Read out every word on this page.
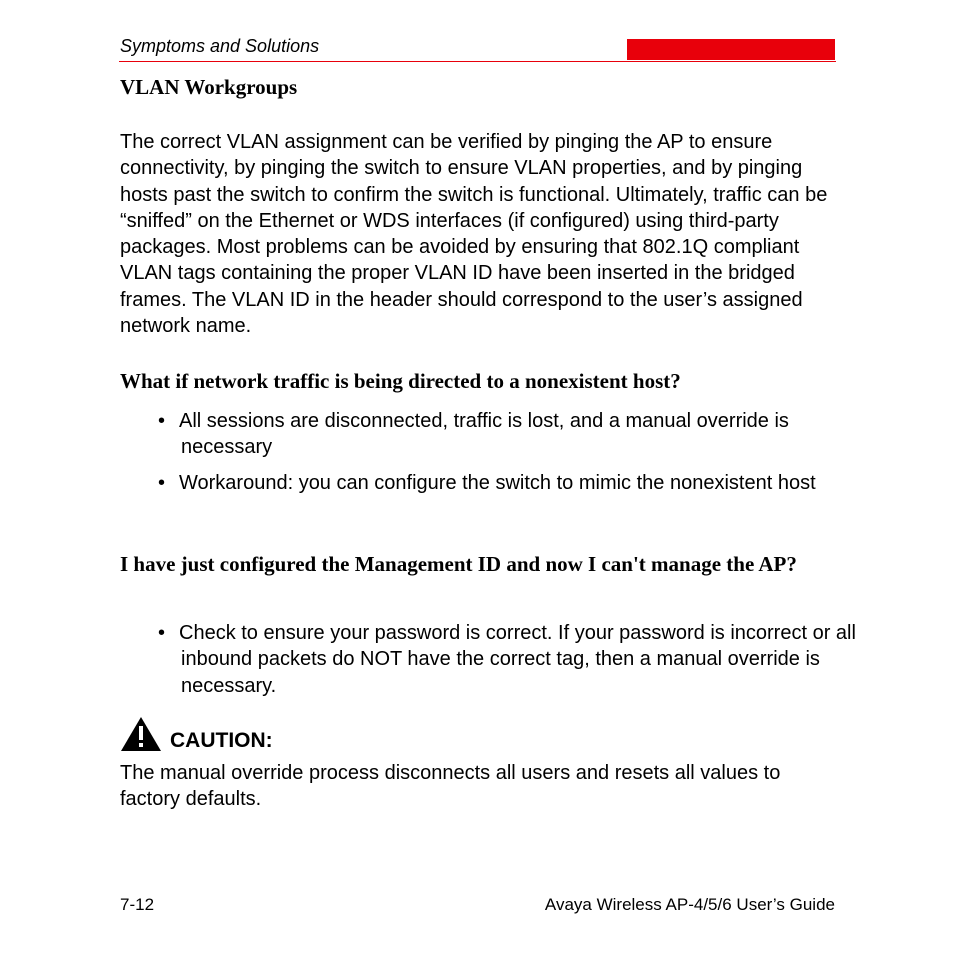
Symptoms and Solutions
VLAN Workgroups

The correct VLAN assignment can be verified by pinging the AP to ensure connectivity, by pinging the switch to ensure VLAN properties, and by pinging hosts past the switch to confirm the switch is functional. Ultimately, traffic can be “sniffed” on the Ethernet or WDS interfaces (if configured) using third-party packages. Most problems can be avoided by ensuring that 802.1Q compliant VLAN tags containing the proper VLAN ID have been inserted in the bridged frames. The VLAN ID in the header should correspond to the user’s assigned network name.

What if network traffic is being directed to a nonexistent host?

• All sessions are disconnected, traffic is lost, and a manual override is necessary

• Workaround: you can configure the switch to mimic the nonexistent host

I have just configured the Management ID and now I can't manage the AP?

• Check to ensure your password is correct. If your password is incorrect or all inbound packets do NOT have the correct tag, then a manual override is necessary.

CAUTION:

The manual override process disconnects all users and resets all values to factory defaults.

7-12	Avaya Wireless AP-4/5/6 User’s Guide
